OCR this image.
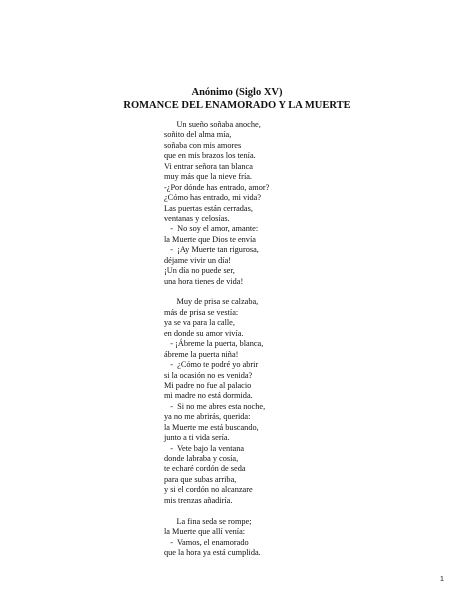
Anónimo (Siglo XV)
ROMANCE DEL ENAMORADO Y LA MUERTE
Un sueño soñaba anoche,
soñito del alma mía,
soñaba con mis amores
que en mis brazos los tenía.
Vi entrar señora tan blanca
muy más que la nieve fría.
-¿Por dónde has entrado, amor?
¿Cómo has entrado, mi vida?
Las puertas están cerradas,
ventanas y celosías.
-  No soy el amor, amante:
la Muerte que Dios te envía
-  ¡Ay Muerte tan rigurosa,
déjame vivir un día!
¡Un día no puede ser,
una hora tienes de vida!
Muy de prisa se calzaba,
más de prisa se vestía:
ya se va para la calle,
en donde su amor vivía.
- ¡Ábreme la puerta, blanca,
ábreme la puerta niña!
-  ¿Cómo te podré yo abrir
si la ocasión no es venida?
Mi padre no fue al palacio
mi madre no está dormida.
-  Si no me abres esta noche,
ya no me abrirás, querida:
la Muerte me está buscando,
junto a ti vida sería.
-  Vete bajo la ventana
donde labraba y cosía,
te echaré cordón de seda
para que subas arriba,
y si el cordón no alcanzare
mis trenzas añadiría.
La fina seda se rompe;
la Muerte que allí venía:
-  Vamos, el enamorado
que la hora ya está cumplida.
1
